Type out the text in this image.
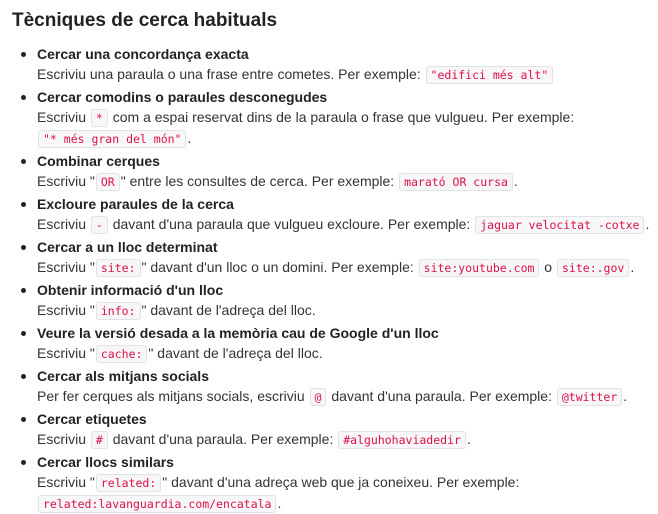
Tècniques de cerca habituals
Cercar una concordança exacta
Escriviu una paraula o una frase entre cometes. Per exemple: "edifici més alt"
Cercar comodins o paraules desconegudes
Escriviu * com a espai reservat dins de la paraula o frase que vulgueu. Per exemple:
"* més gran del món" .
Combinar cerques
Escriviu " OR " entre les consultes de cerca. Per exemple: marató OR cursa .
Excloure paraules de la cerca
Escriviu - davant d'una paraula que vulgueu excloure. Per exemple: jaguar velocitat -cotxe .
Cercar a un lloc determinat
Escriviu " site: " davant d'un lloc o un domini. Per exemple: site:youtube.com o site:.gov .
Obtenir informació d'un lloc
Escriviu " info: " davant de l'adreça del lloc.
Veure la versió desada a la memòria cau de Google d'un lloc
Escriviu " cache: " davant de l'adreça del lloc.
Cercar als mitjans socials
Per fer cerques als mitjans socials, escriviu @ davant d'una paraula. Per exemple: @twitter .
Cercar etiquetes
Escriviu # davant d'una paraula. Per exemple: #alguhohaviadedir .
Cercar llocs similars
Escriviu " related: " davant d'una adreça web que ja coneixeu. Per exemple:
related:lavanguardia.com/encatala .
